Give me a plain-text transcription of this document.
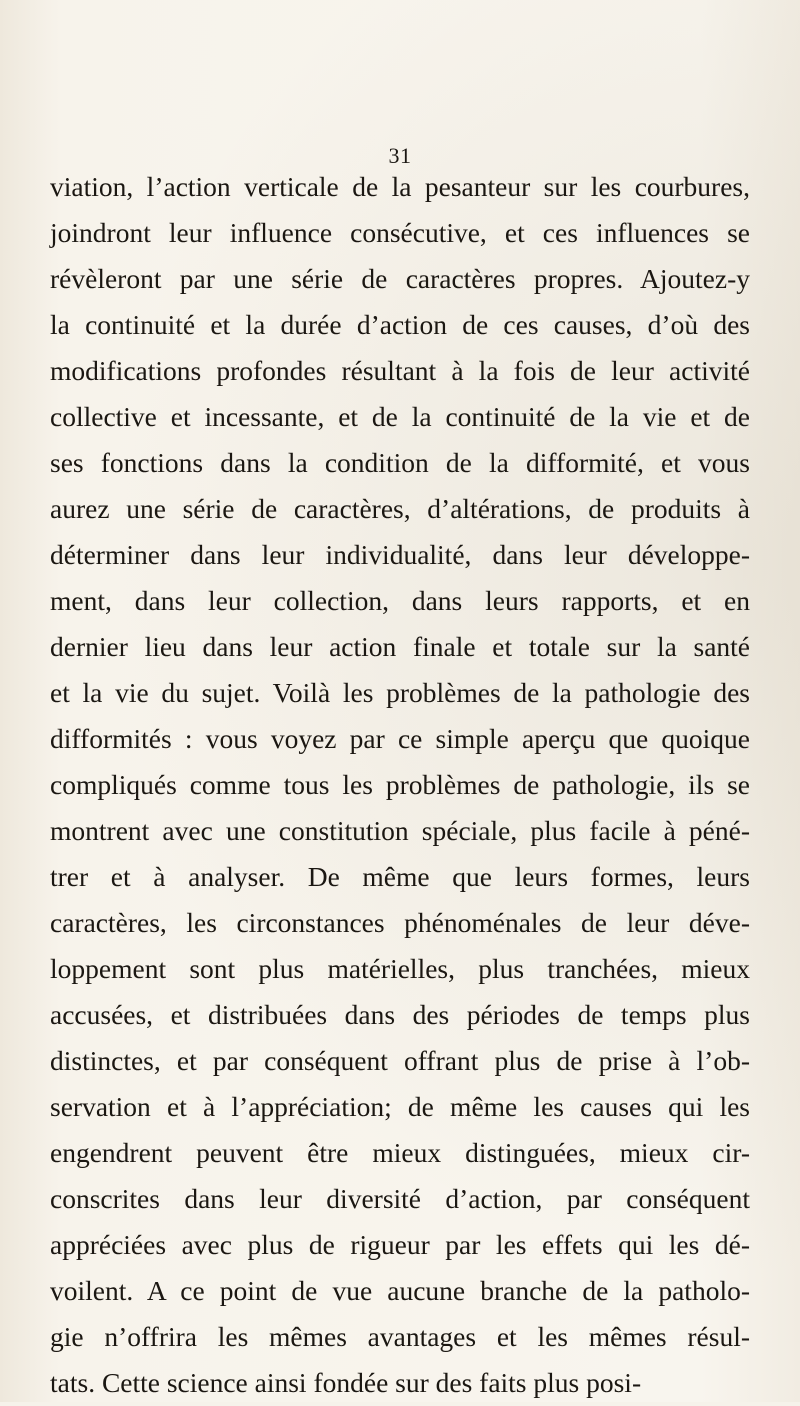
31
viation, l’action verticale de la pesanteur sur les courbures,
joindront leur influence consécutive, et ces influences se
révèleront par une série de caractères propres. Ajoutez-y
la continuité et la durée d’action de ces causes, d’où des
modifications profondes résultant à la fois de leur activité
collective et incessante, et de la continuité de la vie et de
ses fonctions dans la condition de la difformité, et vous
aurez une série de caractères, d’altérations, de produits à
déterminer dans leur individualité, dans leur développe-
ment, dans leur collection, dans leurs rapports, et en
dernier lieu dans leur action finale et totale sur la santé
et la vie du sujet. Voilà les problèmes de la pathologie des
difformités : vous voyez par ce simple aperçu que quoique
compliqués comme tous les problèmes de pathologie, ils se
montrent avec une constitution spéciale, plus facile à péné-
trer et à analyser. De même que leurs formes, leurs
caractères, les circonstances phénoménales de leur déve-
loppement sont plus matérielles, plus tranchées, mieux
accusées, et distribuées dans des périodes de temps plus
distinctes, et par conséquent offrant plus de prise à l’ob-
servation et à l’appréciation; de même les causes qui les
engendrent peuvent être mieux distinguées, mieux cir-
conscrites dans leur diversité d’action, par conséquent
appréciées avec plus de rigueur par les effets qui les dé-
voilent. A ce point de vue aucune branche de la patholo-
gie n’offrira les mêmes avantages et les mêmes résul-
tats. Cette science ainsi fondée sur des faits plus posi-
